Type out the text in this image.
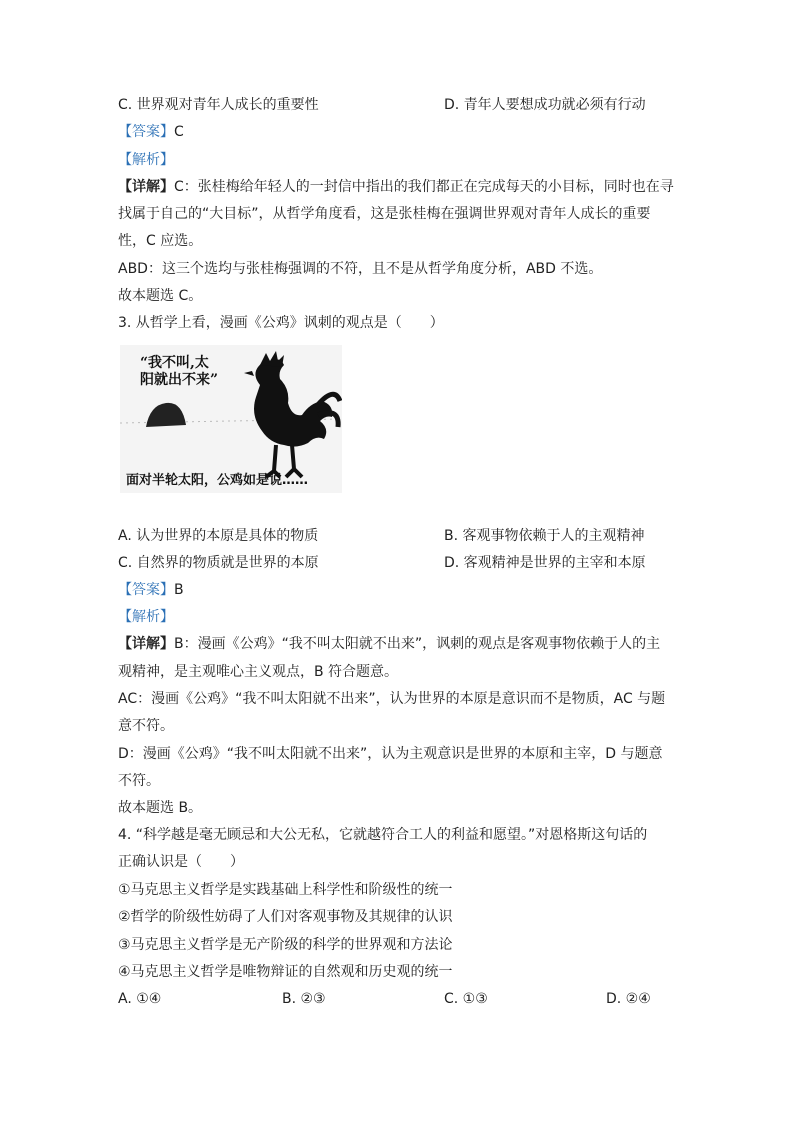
C. 世界观对青年人成长的重要性	D. 青年人要想成功就必须有行动
【答案】C
【解析】
【详解】C：张桂梅给年轻人的一封信中指出的我们都正在完成每天的小目标，同时也在寻
找属于自己的“大目标”，从哲学角度看，这是张桂梅在强调世界观对青年人成长的重要
性，C 应选。
ABD：这三个选均与张桂梅强调的不符，且不是从哲学角度分析，ABD 不选。
故本题选 C。
3. 从哲学上看，漫画《公鸡》讽刺的观点是（　　）
“我不叫,太
阳就出不来”
面对半轮太阳，公鸡如是说……
A. 认为世界的本原是具体的物质	B. 客观事物依赖于人的主观精神
C. 自然界的物质就是世界的本原	D. 客观精神是世界的主宰和本原
【答案】B
【解析】
【详解】B：漫画《公鸡》“我不叫太阳就不出来”，讽刺的观点是客观事物依赖于人的主
观精神，是主观唯心主义观点，B 符合题意。
AC：漫画《公鸡》“我不叫太阳就不出来”，认为世界的本原是意识而不是物质，AC 与题
意不符。
D：漫画《公鸡》“我不叫太阳就不出来”，认为主观意识是世界的本原和主宰，D 与题意
不符。
故本题选 B。
4. “科学越是毫无顾忌和大公无私，它就越符合工人的利益和愿望。”对恩格斯这句话的
正确认识是（　　）
①马克思主义哲学是实践基础上科学性和阶级性的统一
②哲学的阶级性妨碍了人们对客观事物及其规律的认识
③马克思主义哲学是无产阶级的科学的世界观和方法论
④马克思主义哲学是唯物辩证的自然观和历史观的统一
A. ①④	B. ②③	C. ①③	D. ②④
